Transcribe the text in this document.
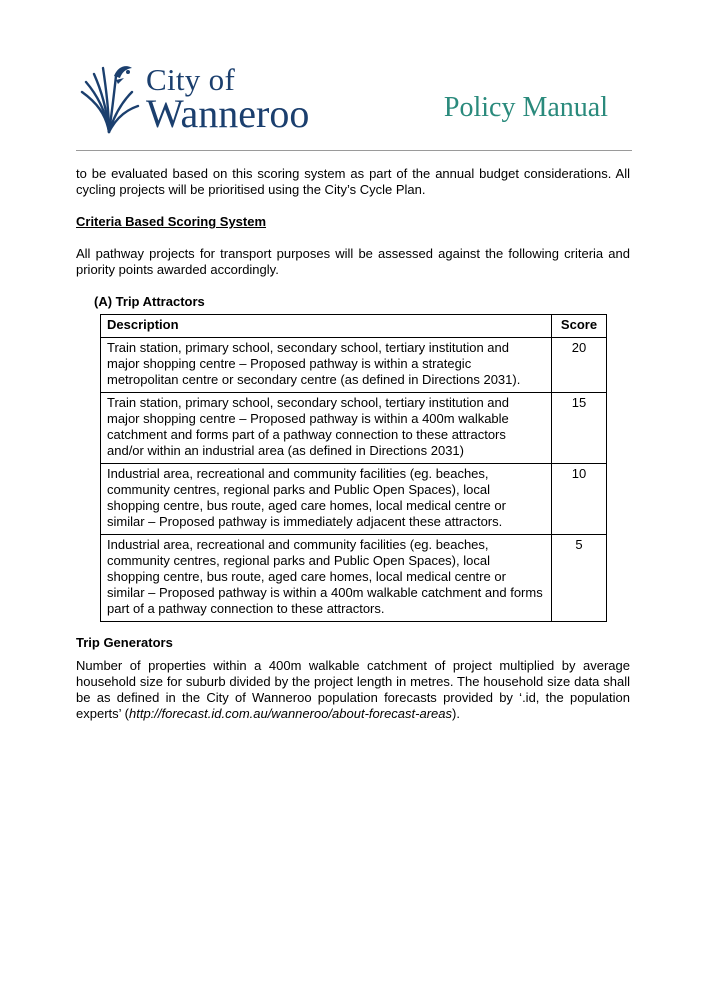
City of
Wanneroo	Policy Manual

to be evaluated based on this scoring system as part of the annual budget considerations. All cycling projects will be prioritised using the City’s Cycle Plan.

Criteria Based Scoring System

All pathway projects for transport purposes will be assessed against the following criteria and priority points awarded accordingly.

(A) Trip Attractors
Description	Score
Train station, primary school, secondary school, tertiary institution and major shopping centre – Proposed pathway is within a strategic metropolitan centre or secondary centre (as defined in Directions 2031).	20
Train station, primary school, secondary school, tertiary institution and major shopping centre – Proposed pathway is within a 400m walkable catchment and forms part of a pathway connection to these attractors and/or within an industrial area (as defined in Directions 2031)	15
Industrial area, recreational and community facilities (eg. beaches, community centres, regional parks and Public Open Spaces), local shopping centre, bus route, aged care homes, local medical centre or similar – Proposed pathway is immediately adjacent these attractors.	10
Industrial area, recreational and community facilities (eg. beaches, community centres, regional parks and Public Open Spaces), local shopping centre, bus route, aged care homes, local medical centre or similar – Proposed pathway is within a 400m walkable catchment and forms part of a pathway connection to these attractors.	5
Trip Generators

Number of properties within a 400m walkable catchment of project multiplied by average household size for suburb divided by the project length in metres. The household size data shall be as defined in the City of Wanneroo population forecasts provided by ‘.id, the population experts’ (http://forecast.id.com.au/wanneroo/about-forecast-areas).
